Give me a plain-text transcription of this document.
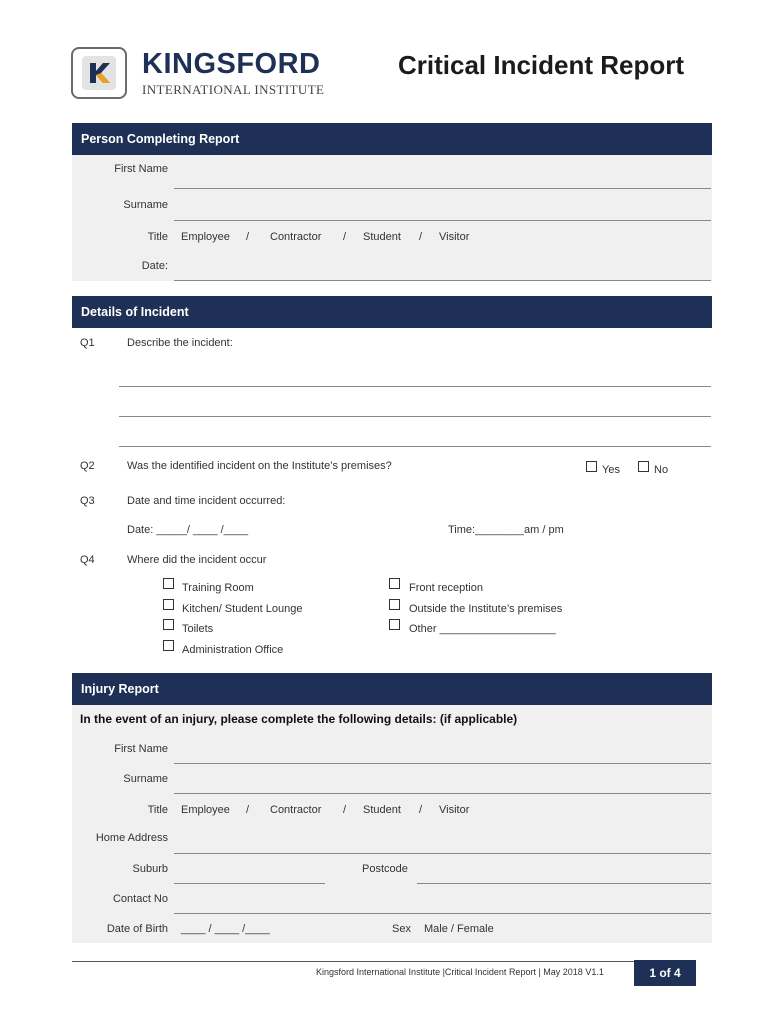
KINGSFORD
INTERNATIONAL INSTITUTE
Critical Incident Report
Person Completing Report
First Name
Surname
Title Employee / Contractor / Student / Visitor
Date:
Details of Incident
Q1	Describe the incident:
Q2	Was the identified incident on the Institute’s premises?	Yes	No
Q3	Date and time incident occurred:
Date: _____/ ____ /____	Time:________am / pm
Q4	Where did the incident occur
Training Room
Kitchen/ Student Lounge
Toilets
Administration Office
Front reception
Outside the Institute’s premises
Other ___________________
Injury Report
In the event of an injury, please complete the following details: (if applicable)
First Name
Surname
Title Employee / Contractor / Student / Visitor
Home Address
Suburb	Postcode
Contact No
Date of Birth ____ / ____ /____	Sex Male / Female
Kingsford International Institute |Critical Incident Report | May 2018 V1.1	1 of 4
